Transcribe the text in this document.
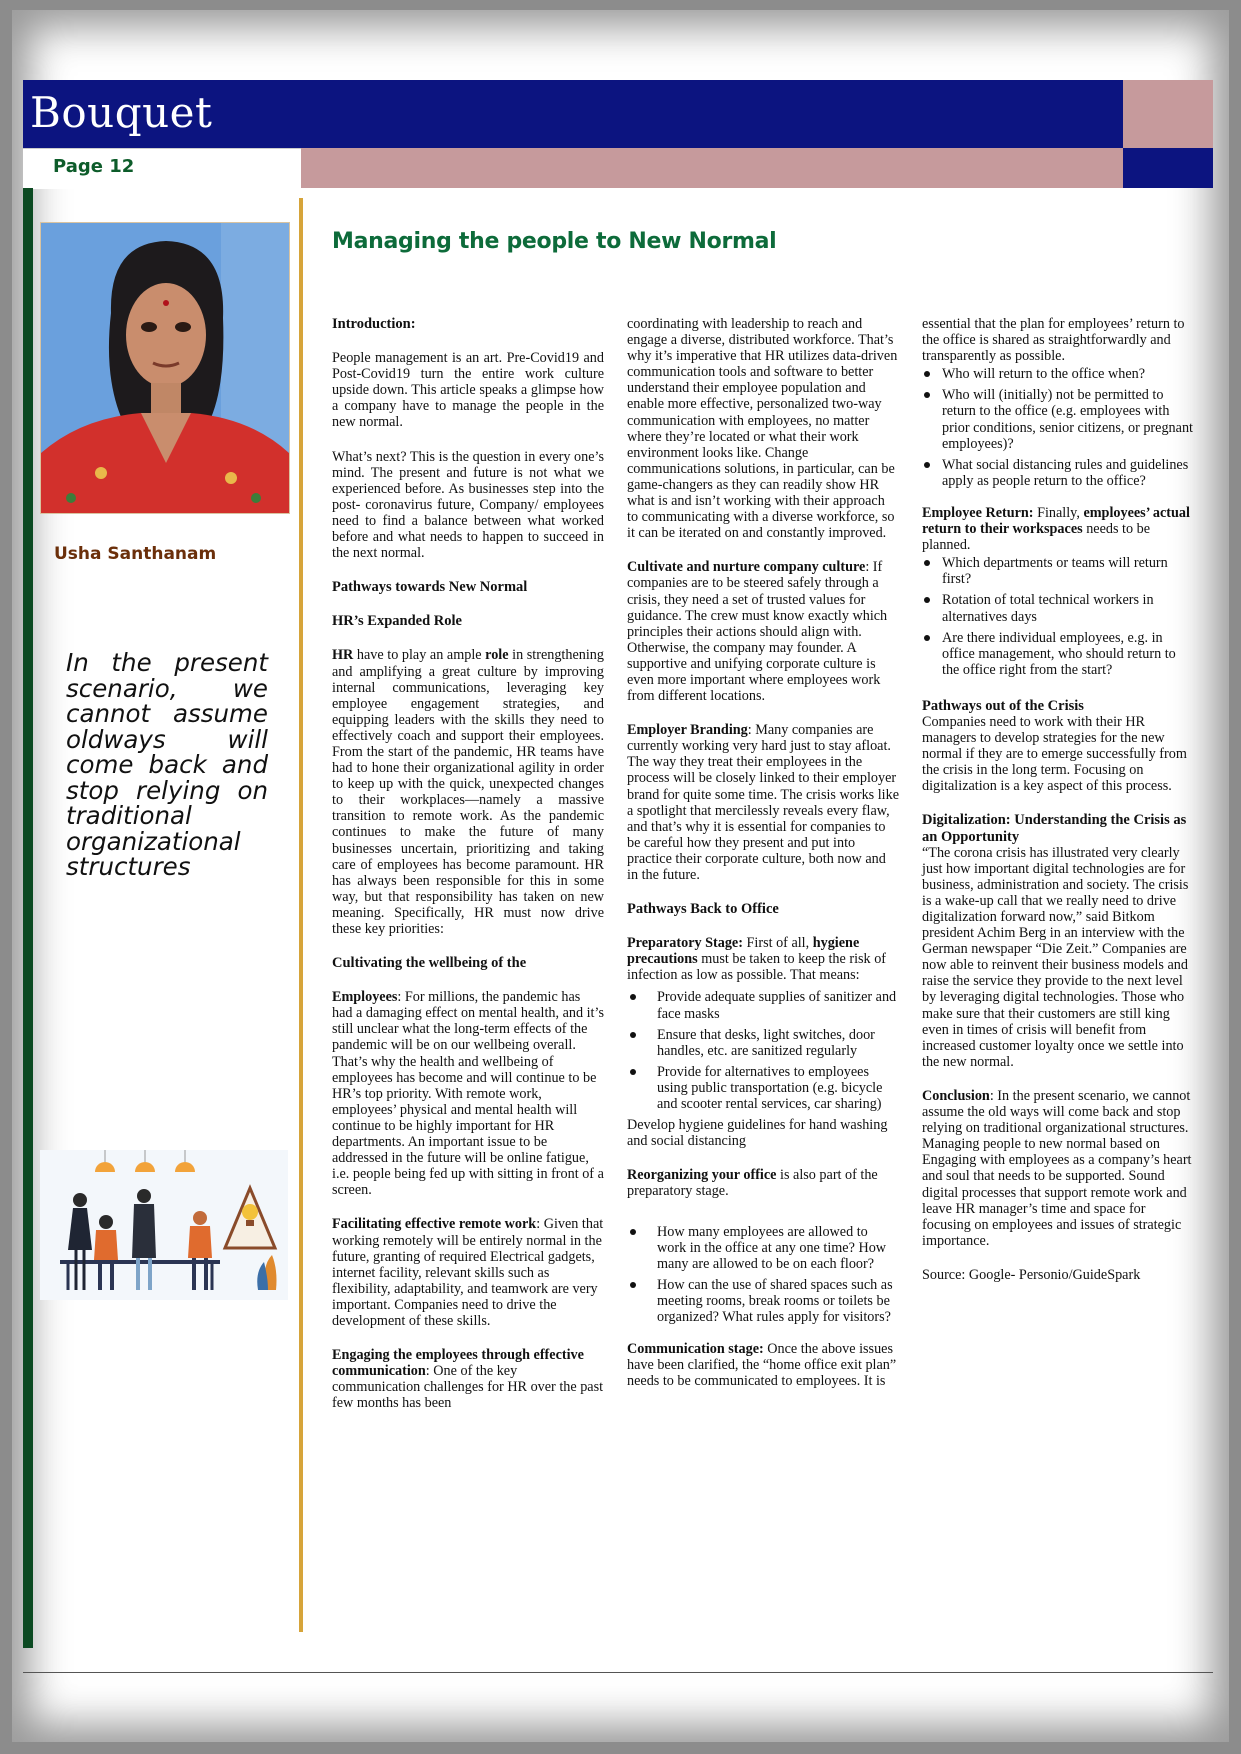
Bouquet
Page 12
Usha Santhanam
In the present scenario, we cannot assume oldways will come back and stop relying on traditional organizational structures
Managing the people to New Normal
Introduction:

People management is an art. Pre-Covid19 and Post-Covid19 turn the entire work culture upside down. This article speaks a glimpse how a company have to manage the people in the new normal.

What’s next? This is the question in every one’s mind. The present and future is not what we experienced before. As businesses step into the post- coronavirus future, Company/ employees need to find a balance between what worked before and what needs to happen to succeed in the next normal.

Pathways towards New Normal
HR’s Expanded Role

HR have to play an ample role in strengthening and amplifying a great culture by improving internal communications, leveraging key employee engagement strategies, and equipping leaders with the skills they need to effectively coach and support their employees. From the start of the pandemic, HR teams have had to hone their organizational agility in order to keep up with the quick, unexpected changes to their workplaces—namely a massive transition to remote work. As the pandemic continues to make the future of many businesses uncertain, prioritizing and taking care of employees has become paramount. HR has always been responsible for this in some way, but that responsibility has taken on new meaning. Specifically, HR must now drive these key priorities:

Cultivating the wellbeing of the

Employees: For millions, the pandemic has had a damaging effect on mental health, and it’s still unclear what the long-term effects of the pandemic will be on our wellbeing overall. That’s why the health and wellbeing of employees has become and will continue to be HR’s top priority. With remote work, employees’ physical and mental health will continue to be highly important for HR departments. An important issue to be addressed in the future will be online fatigue, i.e. people being fed up with sitting in front of a screen.

Facilitating effective remote work: Given that working remotely will be entirely normal in the future, granting of required Electrical gadgets, internet facility, relevant skills such as flexibility, adaptability, and teamwork are very important. Companies need to drive the development of these skills.

Engaging the employees through effective communication: One of the key communication challenges for HR over the past few months has been

coordinating with leadership to reach and engage a diverse, distributed workforce. That’s why it’s imperative that HR utilizes data-driven communication tools and software to better understand their employee population and enable more effective, personalized two-way communication with employees, no matter where they’re located or what their work environment looks like. Change communications solutions, in particular, can be game-changers as they can readily show HR what is and isn’t working with their approach to communicating with a diverse workforce, so it can be iterated on and constantly improved.

Cultivate and nurture company culture: If companies are to be steered safely through a crisis, they need a set of trusted values for guidance. The crew must know exactly which principles their actions should align with. Otherwise, the company may founder. A supportive and unifying corporate culture is even more important where employees work from different locations.

Employer Branding: Many companies are currently working very hard just to stay afloat. The way they treat their employees in the process will be closely linked to their employer brand for quite some time. The crisis works like a spotlight that mercilessly reveals every flaw, and that’s why it is essential for companies to be careful how they present and put into practice their corporate culture, both now and in the future.

Pathways Back to Office

Preparatory Stage: First of all, hygiene precautions must be taken to keep the risk of infection as low as possible. That means:

Provide adequate supplies of sanitizer and face masks
Ensure that desks, light switches, door handles, etc. are sanitized regularly
Provide for alternatives to employees using public transportation (e.g. bicycle and scooter rental services, car sharing)

Develop hygiene guidelines for hand washing and social distancing

Reorganizing your office is also part of the preparatory stage.

How many employees are allowed to work in the office at any one time? How many are allowed to be on each floor?
How can the use of shared spaces such as meeting rooms, break rooms or toilets be organized? What rules apply for visitors?

Communication stage: Once the above issues have been clarified, the “home office exit plan” needs to be communicated to employees. It is

essential that the plan for employees’ return to the office is shared as straightforwardly and transparently as possible.

Who will return to the office when?
Who will (initially) not be permitted to return to the office (e.g. employees with prior conditions, senior citizens, or pregnant employees)?
What social distancing rules and guidelines apply as people return to the office?

Employee Return: Finally, employees’ actual return to their workspaces needs to be planned.

Which departments or teams will return first?
Rotation of total technical workers in alternatives days
Are there individual employees, e.g. in office management, who should return to the office right from the start?
Pathways out of the Crisis

Companies need to work with their HR managers to develop strategies for the new normal if they are to emerge successfully from the crisis in the long term. Focusing on digitalization is a key aspect of this process.

Digitalization: Understanding the Crisis as an Opportunity

“The corona crisis has illustrated very clearly just how important digital technologies are for business, administration and society. The crisis is a wake-up call that we really need to drive digitalization forward now,” said Bitkom president Achim Berg in an interview with the German newspaper “Die Zeit.” Companies are now able to reinvent their business models and raise the service they provide to the next level by leveraging digital technologies. Those who make sure that their customers are still king even in times of crisis will benefit from increased customer loyalty once we settle into the new normal.

Conclusion: In the present scenario, we cannot assume the old ways will come back and stop relying on traditional organizational structures. Managing people to new normal based on Engaging with employees as a company’s heart and soul that needs to be supported. Sound digital processes that support remote work and leave HR manager’s time and space for focusing on employees and issues of strategic importance.

Source: Google- Personio/GuideSpark
